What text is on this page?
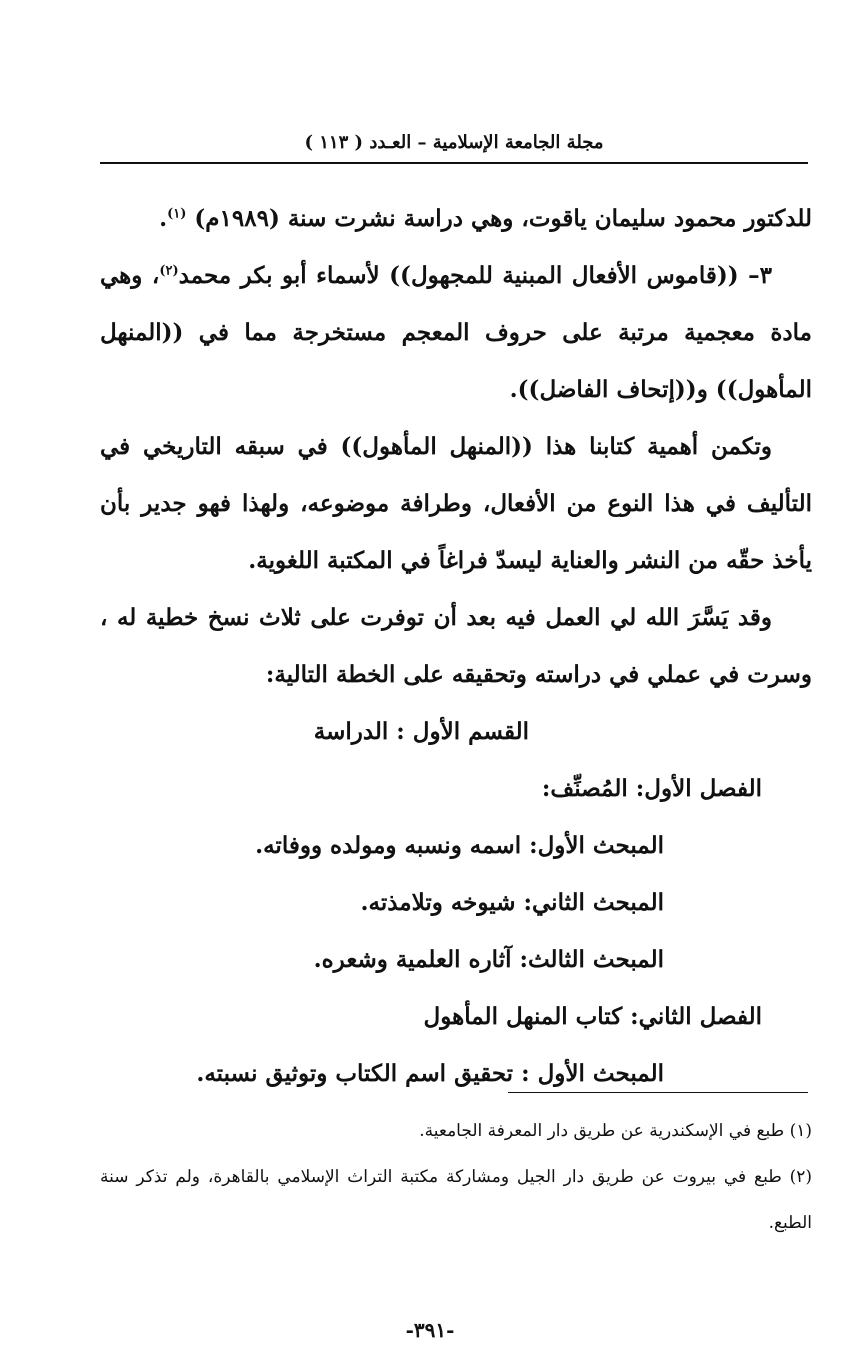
مجلة الجامعة الإسلامية – العـدد ( ١١٣ )

للدكتور محمود سليمان ياقوت، وهي دراسة نشرت سنة (١٩٨٩م) $^{(١)}$.

٣– ((قاموس الأفعال المبنية للمجهول)) لأسماء أبو بكر محمد$^{(٢)}$، وهي مادة معجمية مرتبة على حروف المعجم مستخرجة مما في ((المنهل المأهول)) و((إتحاف الفاضل)).

وتكمن أهمية كتابنا هذا ((المنهل المأهول)) في سبقه التاريخي في التأليف في هذا النوع من الأفعال، وطرافة موضوعه، ولهذا فهو جدير بأن يأخذ حقّه من النشر والعناية ليسدّ فراغاً في المكتبة اللغوية.

وقد يَسَّرَ الله لي العمل فيه بعد أن توفرت على ثلاث نسخ خطية له ، وسرت في عملي في دراسته وتحقيقه على الخطة التالية:

القسم الأول : الدراسة

الفصل الأول: المُصنِّف:

المبحث الأول: اسمه ونسبه ومولده ووفاته.

المبحث الثاني: شيوخه وتلامذته.

المبحث الثالث: آثاره العلمية وشعره.

الفصل الثاني: كتاب المنهل المأهول

المبحث الأول : تحقيق اسم الكتاب وتوثيق نسبته.

(١) طبع في الإسكندرية عن طريق دار المعرفة الجامعية.

(٢) طبع في بيروت عن طريق دار الجيل ومشاركة مكتبة التراث الإسلامي بالقاهرة، ولم تذكر سنة الطبع.

-٣٩١-
